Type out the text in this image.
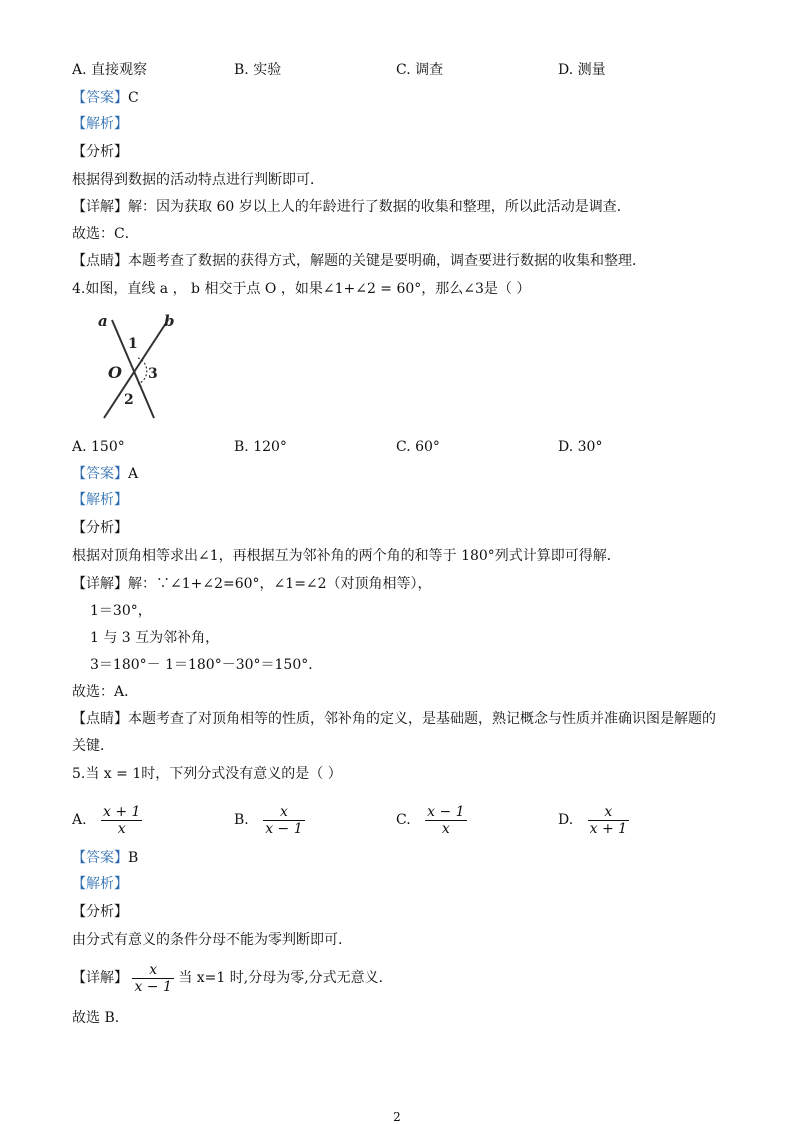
A. 直接观察	B. 实验	C. 调查	D. 测量
【答案】C
【解析】
【分析】
根据得到数据的活动特点进行判断即可．
【详解】解：因为获取 60 岁以上人的年龄进行了数据的收集和整理，所以此活动是调查．
故选：C．
【点睛】本题考查了数据的获得方式，解题的关键是要明确，调查要进行数据的收集和整理．
4.如图，直线 a ， b 相交于点 O ，如果∠1+∠2 = 60°，那么∠3是（ ）
a	b
1
O 3
2
A. 150°	B. 120°	C. 60°	D. 30°
【答案】A
【解析】
【分析】
根据对顶角相等求出∠1，再根据互为邻补角的两个角的和等于 180°列式计算即可得解．
【详解】解：∵∠1+∠2=60°，∠1=∠2（对顶角相等），
1＝30°，
1 与 3 互为邻补角，
3＝180°－ 1＝180°－30°＝150°．
故选：A．
【点睛】本题考查了对顶角相等的性质，邻补角的定义，是基础题，熟记概念与性质并准确识图是解题的
关键．
5.当 x = 1时，下列分式没有意义的是（ ）
A. $\frac{x + 1}{x}$	B. $\frac{x}{x - 1}$	C. $\frac{x - 1}{x}$	D. $\frac{x}{x + 1}$
【答案】B
【解析】
【分析】
由分式有意义的条件分母不能为零判断即可.
【详解】 $\frac{x}{x - 1}$ 当 x=1 时,分母为零,分式无意义.
故选 B.
2
